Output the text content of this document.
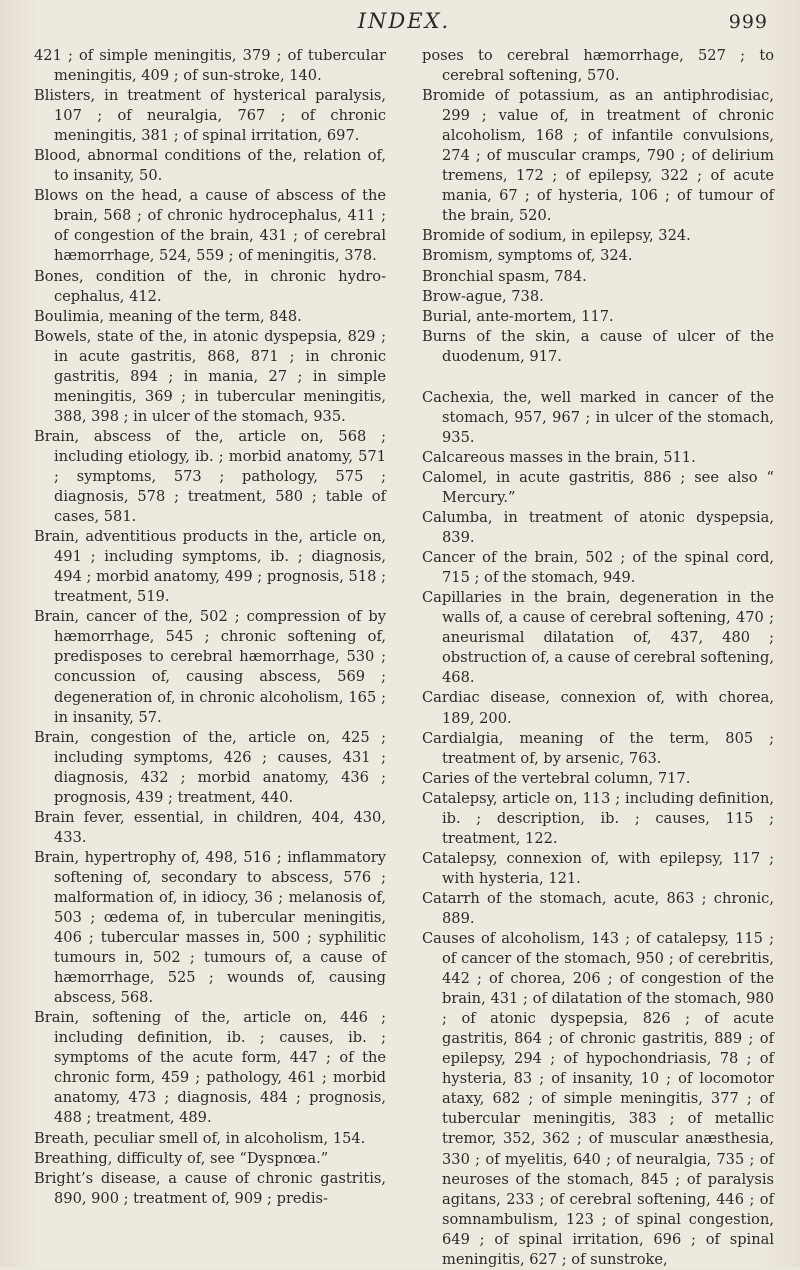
INDEX.	999

421 ; of simple meningitis, 379 ; of tubercular meningitis, 409 ; of sun-stroke, 140.

Blisters, in treatment of hysterical paralysis, 107 ; of neuralgia, 767 ; of chronic meningitis, 381 ; of spinal irritation, 697.

Blood, abnormal conditions of the, relation of, to insanity, 50.

Blows on the head, a cause of abscess of the brain, 568 ; of chronic hydrocephalus, 411 ; of congestion of the brain, 431 ; of cerebral hæmorrhage, 524, 559 ; of meningitis, 378.

Bones, condition of the, in chronic hydrocephalus, 412.

Boulimia, meaning of the term, 848.

Bowels, state of the, in atonic dyspepsia, 829 ; in acute gastritis, 868, 871 ; in chronic gastritis, 894 ; in mania, 27 ; in simple meningitis, 369 ; in tubercular meningitis, 388, 398 ; in ulcer of the stomach, 935.

Brain, abscess of the, article on, 568 ; including etiology, ib. ; morbid anatomy, 571 ; symptoms, 573 ; pathology, 575 ; diagnosis, 578 ; treatment, 580 ; table of cases, 581.

Brain, adventitious products in the, article on, 491 ; including symptoms, ib. ; diagnosis, 494 ; morbid anatomy, 499 ; prognosis, 518 ; treatment, 519.

Brain, cancer of the, 502 ; compression of by hæmorrhage, 545 ; chronic softening of, predisposes to cerebral hæmorrhage, 530 ; concussion of, causing abscess, 569 ; degeneration of, in chronic alcoholism, 165 ; in insanity, 57.

Brain, congestion of the, article on, 425 ; including symptoms, 426 ; causes, 431 ; diagnosis, 432 ; morbid anatomy, 436 ; prognosis, 439 ; treatment, 440.

Brain fever, essential, in children, 404, 430, 433.

Brain, hypertrophy of, 498, 516 ; inflammatory softening of, secondary to abscess, 576 ; malformation of, in idiocy, 36 ; melanosis of, 503 ; œdema of, in tubercular meningitis, 406 ; tubercular masses in, 500 ; syphilitic tumours in, 502 ; tumours of, a cause of hæmorrhage, 525 ; wounds of, causing abscess, 568.

Brain, softening of the, article on, 446 ; including definition, ib. ; causes, ib. ; symptoms of the acute form, 447 ; of the chronic form, 459 ; pathology, 461 ; morbid anatomy, 473 ; diagnosis, 484 ; prognosis, 488 ; treatment, 489.

Breath, peculiar smell of, in alcoholism, 154.

Breathing, difficulty of, see “Dyspnœa.”

Bright’s disease, a cause of chronic gastritis, 890, 900 ; treatment of, 909 ; predis-

poses to cerebral hæmorrhage, 527 ; to cerebral softening, 570.

Bromide of potassium, as an antiphrodisiac, 299 ; value of, in treatment of chronic alcoholism, 168 ; of infantile convulsions, 274 ; of muscular cramps, 790 ; of delirium tremens, 172 ; of epilepsy, 322 ; of acute mania, 67 ; of hysteria, 106 ; of tumour of the brain, 520.

Bromide of sodium, in epilepsy, 324.

Bromism, symptoms of, 324.

Bronchial spasm, 784.

Brow-ague, 738.

Burial, ante-mortem, 117.

Burns of the skin, a cause of ulcer of the duodenum, 917.

Cachexia, the, well marked in cancer of the stomach, 957, 967 ; in ulcer of the stomach, 935.

Calcareous masses in the brain, 511.

Calomel, in acute gastritis, 886 ; see also “ Mercury.”

Calumba, in treatment of atonic dyspepsia, 839.

Cancer of the brain, 502 ; of the spinal cord, 715 ; of the stomach, 949.

Capillaries in the brain, degeneration in the walls of, a cause of cerebral softening, 470 ; aneurismal dilatation of, 437, 480 ; obstruction of, a cause of cerebral softening, 468.

Cardiac disease, connexion of, with chorea, 189, 200.

Cardialgia, meaning of the term, 805 ; treatment of, by arsenic, 763.

Caries of the vertebral column, 717.

Catalepsy, article on, 113 ; including definition, ib. ; description, ib. ; causes, 115 ; treatment, 122.

Catalepsy, connexion of, with epilepsy, 117 ; with hysteria, 121.

Catarrh of the stomach, acute, 863 ; chronic, 889.

Causes of alcoholism, 143 ; of catalepsy, 115 ; of cancer of the stomach, 950 ; of cerebritis, 442 ; of chorea, 206 ; of congestion of the brain, 431 ; of dilatation of the stomach, 980 ; of atonic dyspepsia, 826 ; of acute gastritis, 864 ; of chronic gastritis, 889 ; of epilepsy, 294 ; of hypochondriasis, 78 ; of hysteria, 83 ; of insanity, 10 ; of locomotor ataxy, 682 ; of simple meningitis, 377 ; of tubercular meningitis, 383 ; of metallic tremor, 352, 362 ; of muscular anæsthesia, 330 ; of myelitis, 640 ; of neuralgia, 735 ; of neuroses of the stomach, 845 ; of paralysis agitans, 233 ; of cerebral softening, 446 ; of somnambulism, 123 ; of spinal congestion, 649 ; of spinal irritation, 696 ; of spinal meningitis, 627 ; of sunstroke,
